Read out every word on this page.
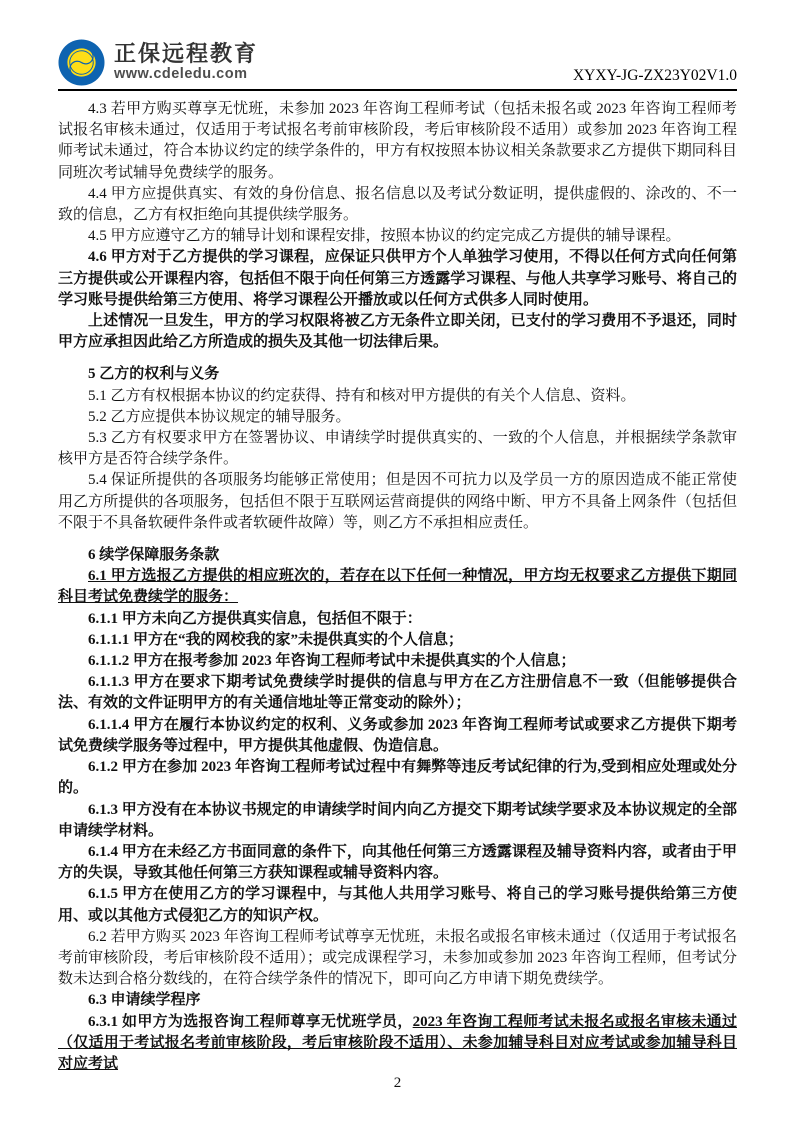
正保远程教育
www.cdeledu.com	XYXY-JG-ZX23Y02V1.0

4.3 若甲方购买尊享无忧班，未参加 2023 年咨询工程师考试（包括未报名或 2023 年咨询工程师考试报名审核未通过，仅适用于考试报名考前审核阶段，考后审核阶段不适用）或参加 2023 年咨询工程师考试未通过，符合本协议约定的续学条件的，甲方有权按照本协议相关条款要求乙方提供下期同科目同班次考试辅导免费续学的服务。

4.4 甲方应提供真实、有效的身份信息、报名信息以及考试分数证明，提供虚假的、涂改的、不一致的信息，乙方有权拒绝向其提供续学服务。

4.5 甲方应遵守乙方的辅导计划和课程安排，按照本协议的约定完成乙方提供的辅导课程。

4.6 甲方对于乙方提供的学习课程，应保证只供甲方个人单独学习使用，不得以任何方式向任何第三方提供或公开课程内容，包括但不限于向任何第三方透露学习课程、与他人共享学习账号、将自己的学习账号提供给第三方使用、将学习课程公开播放或以任何方式供多人同时使用。

上述情况一旦发生，甲方的学习权限将被乙方无条件立即关闭，已支付的学习费用不予退还，同时甲方应承担因此给乙方所造成的损失及其他一切法律后果。

5 乙方的权利与义务

5.1 乙方有权根据本协议的约定获得、持有和核对甲方提供的有关个人信息、资料。

5.2 乙方应提供本协议规定的辅导服务。

5.3 乙方有权要求甲方在签署协议、申请续学时提供真实的、一致的个人信息，并根据续学条款审核甲方是否符合续学条件。

5.4 保证所提供的各项服务均能够正常使用；但是因不可抗力以及学员一方的原因造成不能正常使用乙方所提供的各项服务，包括但不限于互联网运营商提供的网络中断、甲方不具备上网条件（包括但不限于不具备软硬件条件或者软硬件故障）等，则乙方不承担相应责任。

6 续学保障服务条款

6.1 甲方选报乙方提供的相应班次的，若存在以下任何一种情况，甲方均无权要求乙方提供下期同科目考试免费续学的服务：

6.1.1 甲方未向乙方提供真实信息，包括但不限于：

6.1.1.1 甲方在“我的网校我的家”未提供真实的个人信息；

6.1.1.2 甲方在报考参加 2023 年咨询工程师考试中未提供真实的个人信息；

6.1.1.3 甲方在要求下期考试免费续学时提供的信息与甲方在乙方注册信息不一致（但能够提供合法、有效的文件证明甲方的有关通信地址等正常变动的除外）；

6.1.1.4 甲方在履行本协议约定的权利、义务或参加 2023 年咨询工程师考试或要求乙方提供下期考试免费续学服务等过程中，甲方提供其他虚假、伪造信息。

6.1.2 甲方在参加 2023 年咨询工程师考试过程中有舞弊等违反考试纪律的行为,受到相应处理或处分的。

6.1.3 甲方没有在本协议书规定的申请续学时间内向乙方提交下期考试续学要求及本协议规定的全部申请续学材料。

6.1.4 甲方在未经乙方书面同意的条件下，向其他任何第三方透露课程及辅导资料内容，或者由于甲方的失误，导致其他任何第三方获知课程或辅导资料内容。

6.1.5 甲方在使用乙方的学习课程中，与其他人共用学习账号、将自己的学习账号提供给第三方使用、或以其他方式侵犯乙方的知识产权。

6.2 若甲方购买 2023 年咨询工程师考试尊享无忧班，未报名或报名审核未通过（仅适用于考试报名考前审核阶段，考后审核阶段不适用）；或完成课程学习，未参加或参加 2023 年咨询工程师，但考试分数未达到合格分数线的，在符合续学条件的情况下，即可向乙方申请下期免费续学。

6.3 申请续学程序

6.3.1 如甲方为选报咨询工程师尊享无忧班学员，2023 年咨询工程师考试未报名或报名审核未通过（仅适用于考试报名考前审核阶段，考后审核阶段不适用）、未参加辅导科目对应考试或参加辅导科目对应考试

2
